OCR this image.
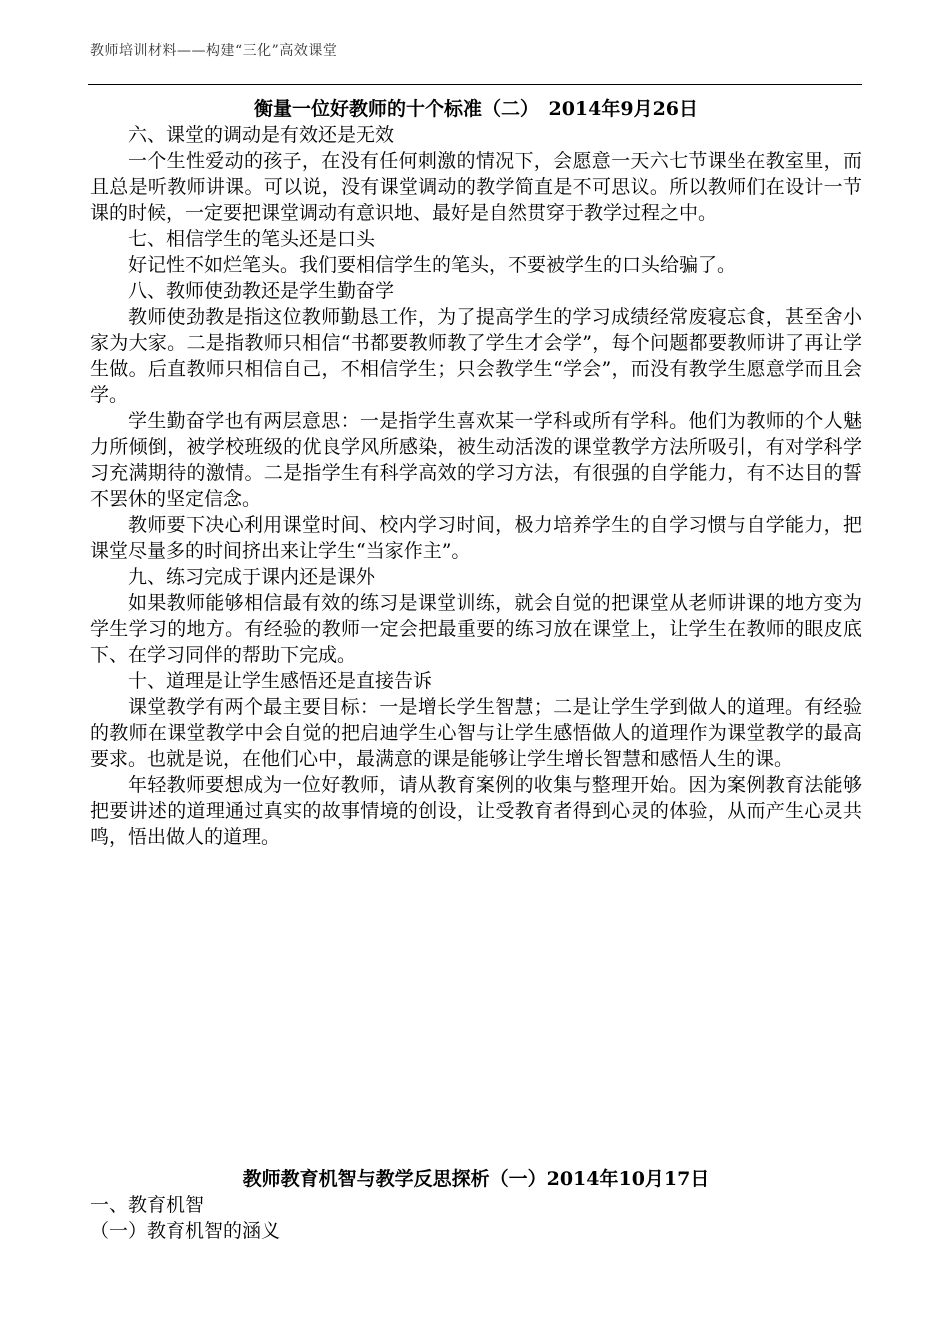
教师培训材料——构建“三化”高效课堂
衡量一位好教师的十个标准（二）　2014年9月26日

六、课堂的调动是有效还是无效

一个生性爱动的孩子，在没有任何刺激的情况下，会愿意一天六七节课坐在教室里，而且总是听教师讲课。可以说，没有课堂调动的教学简直是不可思议。所以教师们在设计一节课的时候，一定要把课堂调动有意识地、最好是自然贯穿于教学过程之中。

七、相信学生的笔头还是口头

好记性不如烂笔头。我们要相信学生的笔头，不要被学生的口头给骗了。

八、教师使劲教还是学生勤奋学

教师使劲教是指这位教师勤恳工作，为了提高学生的学习成绩经常废寝忘食，甚至舍小家为大家。二是指教师只相信“书都要教师教了学生才会学”，每个问题都要教师讲了再让学生做。后直教师只相信自己，不相信学生；只会教学生“学会”，而没有教学生愿意学而且会学。

学生勤奋学也有两层意思：一是指学生喜欢某一学科或所有学科。他们为教师的个人魅力所倾倒，被学校班级的优良学风所感染，被生动活泼的课堂教学方法所吸引，有对学科学习充满期待的激情。二是指学生有科学高效的学习方法，有很强的自学能力，有不达目的誓不罢休的坚定信念。

教师要下决心利用课堂时间、校内学习时间，极力培养学生的自学习惯与自学能力，把课堂尽量多的时间挤出来让学生“当家作主”。

九、练习完成于课内还是课外

如果教师能够相信最有效的练习是课堂训练，就会自觉的把课堂从老师讲课的地方变为学生学习的地方。有经验的教师一定会把最重要的练习放在课堂上，让学生在教师的眼皮底下、在学习同伴的帮助下完成。

十、道理是让学生感悟还是直接告诉

课堂教学有两个最主要目标：一是增长学生智慧；二是让学生学到做人的道理。有经验的教师在课堂教学中会自觉的把启迪学生心智与让学生感悟做人的道理作为课堂教学的最高要求。也就是说，在他们心中，最满意的课是能够让学生增长智慧和感悟人生的课。

年轻教师要想成为一位好教师，请从教育案例的收集与整理开始。因为案例教育法能够把要讲述的道理通过真实的故事情境的创设，让受教育者得到心灵的体验，从而产生心灵共鸣，悟出做人的道理。

教师教育机智与教学反思探析（一）2014年10月17日

一、教育机智

（一）教育机智的涵义
